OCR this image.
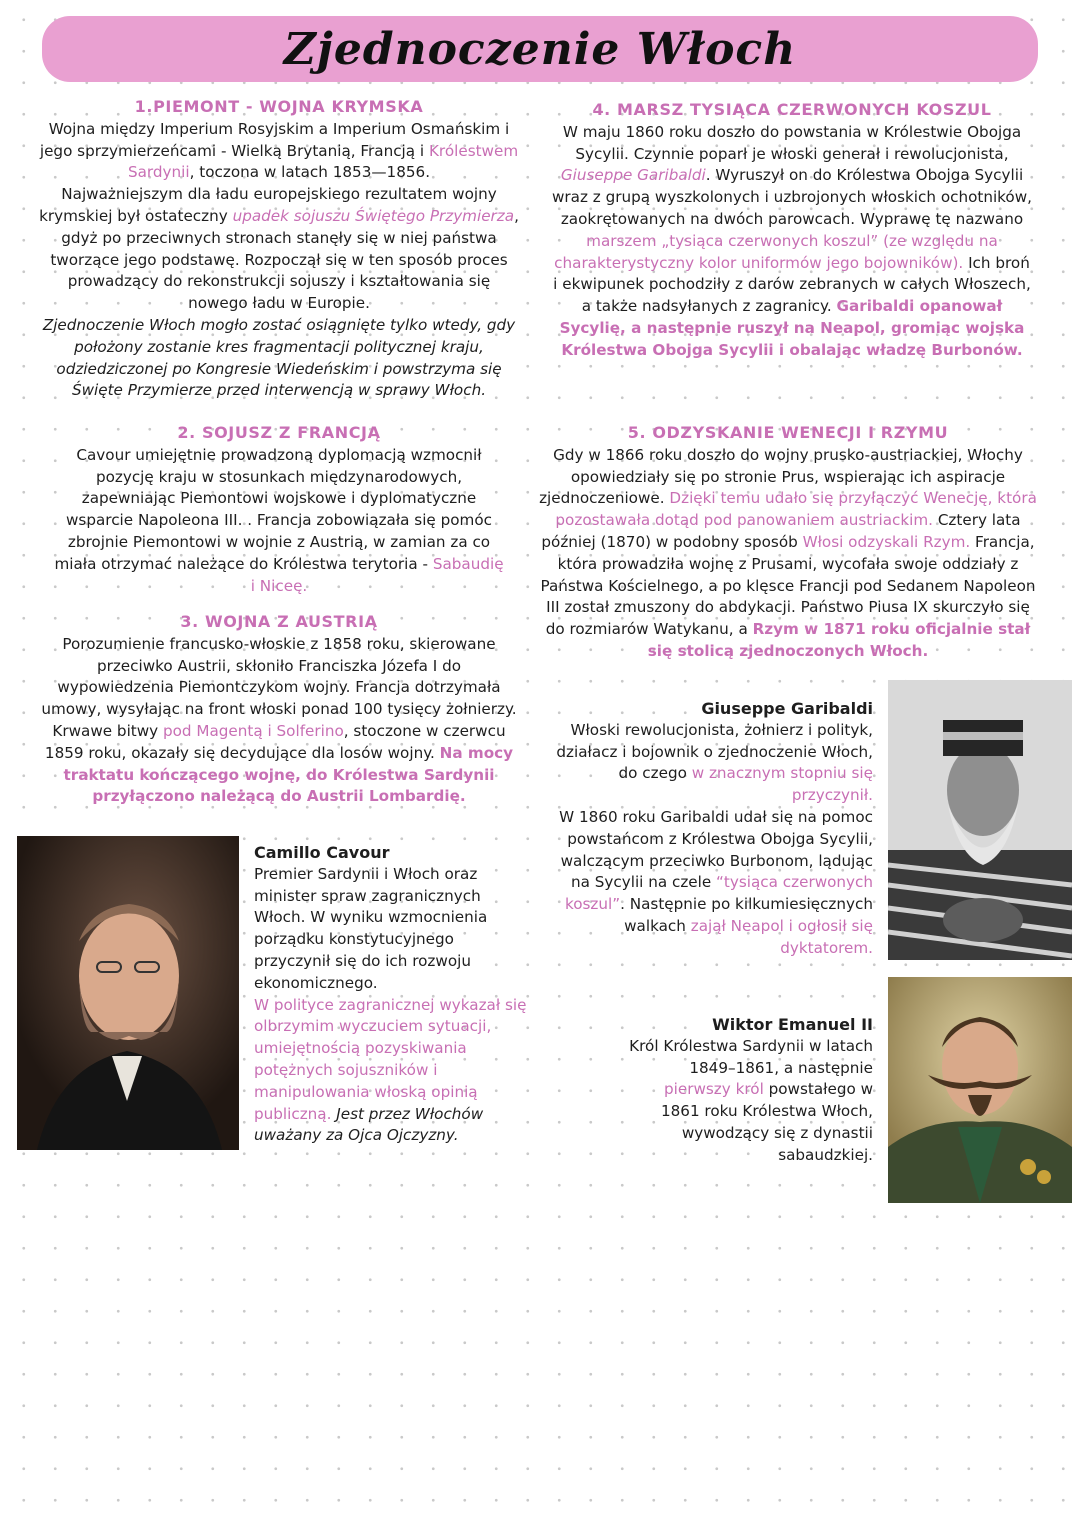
Zjednoczenie Włoch
1.PIEMONT - WOJNA KRYMSKA
Wojna między Imperium Rosyjskim a Imperium Osmańskim i jego sprzymierzeńcami - Wielką Brytanią, Francją i Królestwem Sardynii, toczona w latach 1853—1856.
Najważniejszym dla ładu europejskiego rezultatem wojny krymskiej był ostateczny upadek sojuszu Świętego Przymierza, gdyż po przeciwnych stronach stanęły się w niej państwa tworzące jego podstawę. Rozpoczął się w ten sposób proces prowadzący do rekonstrukcji sojuszy i kształtowania się nowego ładu w Europie.
Zjednoczenie Włoch mogło zostać osiągnięte tylko wtedy, gdy położony zostanie kres fragmentacji politycznej kraju, odziedziczonej po Kongresie Wiedeńskim i powstrzyma się Święte Przymierze przed interwencją w sprawy Włoch.
2. SOJUSZ Z FRANCJĄ
Cavour umiejętnie prowadzoną dyplomacją wzmocnił pozycję kraju w stosunkach międzynarodowych, zapewniając Piemontowi wojskowe i dyplomatyczne wsparcie Napoleona III. . Francja zobowiązała się pomóc zbrojnie Piemontowi w wojnie z Austrią, w zamian za co miała otrzymać należące do Królestwa terytoria - Sabaudię i Niceę.
3. WOJNA Z AUSTRIĄ
Porozumienie francusko-włoskie z 1858 roku, skierowane przeciwko Austrii, skłoniło Franciszka Józefa I do wypowiedzenia Piemontczykom wojny. Francja dotrzymała umowy, wysyłając na front włoski ponad 100 tysięcy żołnierzy. Krwawe bitwy pod Magentą i Solferino, stoczone w czerwcu 1859 roku, okazały się decydujące dla losów wojny. Na mocy traktatu kończącego wojnę, do Królestwa Sardynii przyłączono należącą do Austrii Lombardię.
4. MARSZ TYSIĄCA CZERWONYCH KOSZUL
W maju 1860 roku doszło do powstania w Królestwie Obojga Sycylii. Czynnie poparł je włoski generał i rewolucjonista, Giuseppe Garibaldi. Wyruszył on do Królestwa Obojga Sycylii wraz z grupą wyszkolonych i uzbrojonych włoskich ochotników, zaokrętowanych na dwóch parowcach. Wyprawę tę nazwano marszem „tysiąca czerwonych koszul” (ze względu na charakterystyczny kolor uniformów jego bojowników). Ich broń i ekwipunek pochodziły z darów zebranych w całych Włoszech, a także nadsyłanych z zagranicy. Garibaldi opanował Sycylię, a następnie ruszył na Neapol, gromiąc wojska Królestwa Obojga Sycylii i obalając władzę Burbonów.
5. ODZYSKANIE WENECJI I RZYMU
Gdy w 1866 roku doszło do wojny prusko-austriackiej, Włochy opowiedziały się po stronie Prus, wspierając ich aspiracje zjednoczeniowe. Dzięki temu udało się przyłączyć Wenecję, która pozostawała dotąd pod panowaniem austriackim. Cztery lata później (1870) w podobny sposób Włosi odzyskali Rzym. Francja, która prowadziła wojnę z Prusami, wycofała swoje oddziały z Państwa Kościelnego, a po klęsce Francji pod Sedanem Napoleon III został zmuszony do abdykacji. Państwo Piusa IX skurczyło się do rozmiarów Watykanu, a Rzym w 1871 roku oficjalnie stał się stolicą zjednoczonych Włoch.
Giuseppe Garibaldi
Włoski rewolucjonista, żołnierz i polityk, działacz i bojownik o zjednoczenie Włoch, do czego w znacznym stopniu się przyczynił.
W 1860 roku Garibaldi udał się na pomoc powstańcom z Królestwa Obojga Sycylii, walczącym przeciwko Burbonom, lądując na Sycylii na czele “tysiąca czerwonych koszul”. Następnie po kilkumiesięcznych walkach zajął Neapol i ogłosił się dyktatorem.
Camillo Cavour
Premier Sardynii i Włoch oraz minister spraw zagranicznych Włoch. W wyniku wzmocnienia porządku konstytucyjnego przyczynił się do ich rozwoju ekonomicznego.
W polityce zagranicznej wykazał się olbrzymim wyczuciem sytuacji, umiejętnością pozyskiwania potężnych sojuszników i manipulowania włoską opinią publiczną. Jest przez Włochów uważany za Ojca Ojczyzny.
Wiktor Emanuel II
Król Królestwa Sardynii w latach 1849–1861, a następnie pierwszy król powstałego w 1861 roku Królestwa Włoch, wywodzący się z dynastii sabaudzkiej.
